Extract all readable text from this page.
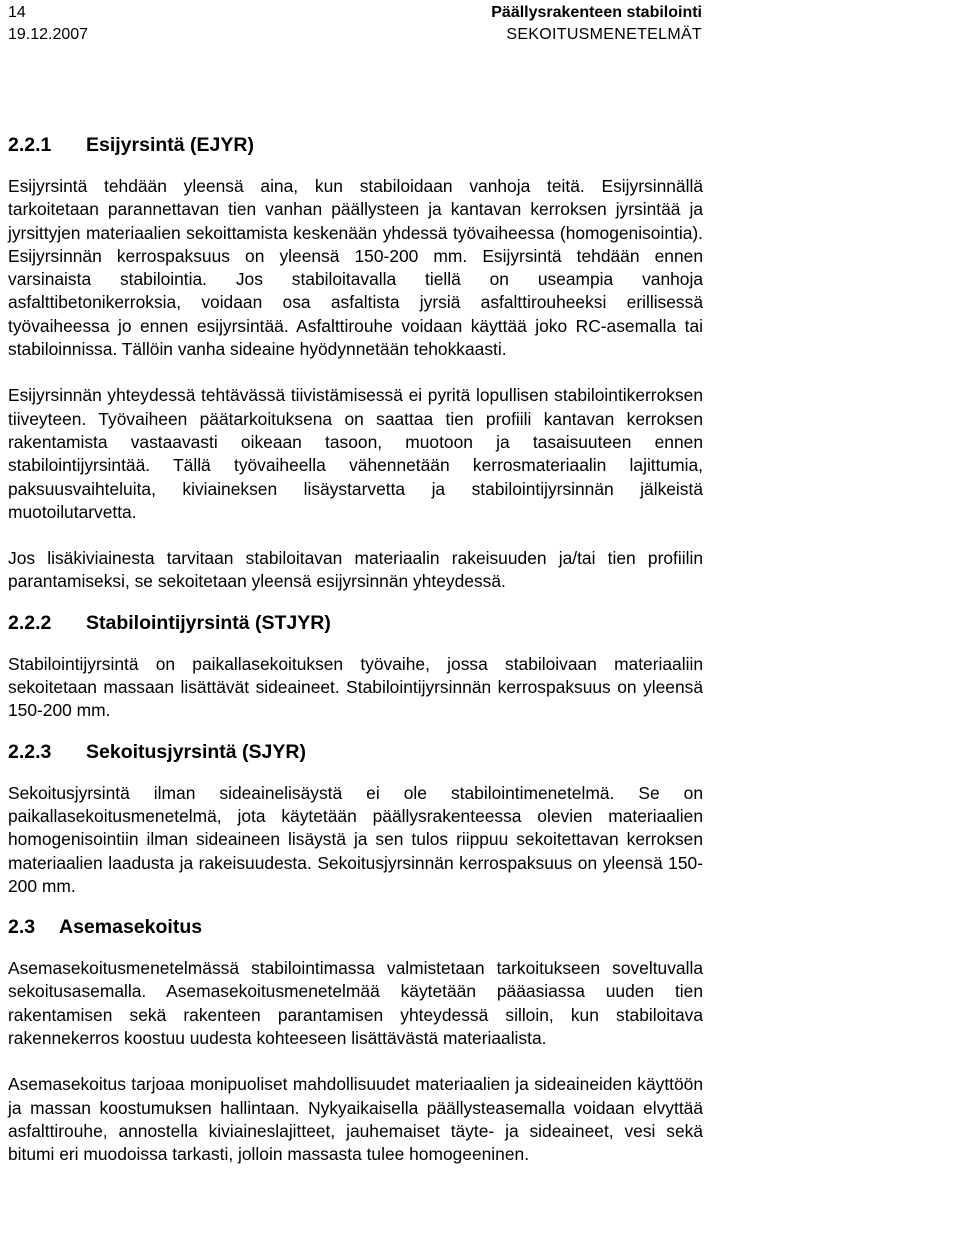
14
19.12.2007
Päällysrakenteen stabilointi
SEKOITUSMENETELMÄT
2.2.1 Esijyrsintä (EJYR)

Esijyrsintä tehdään yleensä aina, kun stabiloidaan vanhoja teitä. Esijyrsinnällä tarkoitetaan parannettavan tien vanhan päällysteen ja kantavan kerroksen jyrsintää ja jyrsittyjen materiaalien sekoittamista keskenään yhdessä työvaiheessa (homogenisointia). Esijyrsinnän kerrospaksuus on yleensä 150-200 mm. Esijyrsintä tehdään ennen varsinaista stabilointia. Jos stabiloitavalla tiellä on useampia vanhoja asfalttibetonikerroksia, voidaan osa asfaltista jyrsiä asfalttirouheeksi erillisessä työvaiheessa jo ennen esijyrsintää. Asfalttirouhe voidaan käyttää joko RC-asemalla tai stabiloinnissa. Tällöin vanha sideaine hyödynnetään tehokkaasti.

Esijyrsinnän yhteydessä tehtävässä tiivistämisessä ei pyritä lopullisen stabilointikerroksen tiiveyteen. Työvaiheen päätarkoituksena on saattaa tien profiili kantavan kerroksen rakentamista vastaavasti oikeaan tasoon, muotoon ja tasaisuuteen ennen stabilointijyrsintää. Tällä työvaiheella vähennetään kerrosmateriaalin lajittumia, paksuusvaihteluita, kiviaineksen lisäystarvetta ja stabilointijyrsinnän jälkeistä muotoilutarvetta.

Jos lisäkiviainesta tarvitaan stabiloitavan materiaalin rakeisuuden ja/tai tien profiilin parantamiseksi, se sekoitetaan yleensä esijyrsinnän yhteydessä.

2.2.2 Stabilointijyrsintä (STJYR)

Stabilointijyrsintä on paikallasekoituksen työvaihe, jossa stabiloivaan materiaaliin sekoitetaan massaan lisättävät sideaineet. Stabilointijyrsinnän kerrospaksuus on yleensä 150-200 mm.

2.2.3 Sekoitusjyrsintä (SJYR)

Sekoitusjyrsintä ilman sideainelisäystä ei ole stabilointimenetelmä. Se on paikallasekoitusmenetelmä, jota käytetään päällysrakenteessa olevien materiaalien homogenisointiin ilman sideaineen lisäystä ja sen tulos riippuu sekoitettavan kerroksen materiaalien laadusta ja rakeisuudesta. Sekoitusjyrsinnän kerrospaksuus on yleensä 150-200 mm.

2.3 Asemasekoitus

Asemasekoitusmenetelmässä stabilointimassa valmistetaan tarkoitukseen soveltuvalla sekoitusasemalla. Asemasekoitusmenetelmää käytetään pääasiassa uuden tien rakentamisen sekä rakenteen parantamisen yhteydessä silloin, kun stabiloitava rakennekerros koostuu uudesta kohteeseen lisättävästä materiaalista.

Asemasekoitus tarjoaa monipuoliset mahdollisuudet materiaalien ja sideaineiden käyttöön ja massan koostumuksen hallintaan. Nykyaikaisella päällysteasemalla voidaan elvyttää asfalttirouhe, annostella kiviaineslajitteet, jauhemaiset täyte- ja sideaineet, vesi sekä bitumi eri muodoissa tarkasti, jolloin massasta tulee homogeeninen.
